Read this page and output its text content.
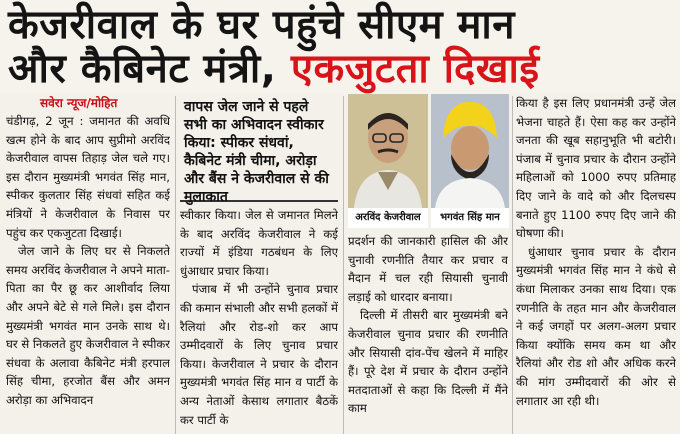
केजरीवाल के घर पहुंचे सीएम मान
और कैबिनेट मंत्री, एकजुटता दिखाई
सवेरा न्यूज/मोहित

चंडीगढ़, 2 जून : जमानत की अवधि खत्म होने के बाद आप सुप्रीमो अरविंद केजरीवाल वापस तिहाड़ जेल चले गए। इस दौरान मुख्यमंत्री भगवंत सिंह मान, स्पीकर कुलतार सिंह संधवां सहित कई मंत्रियों ने केजरीवाल के निवास पर पहुंच कर एकजुटता दिखाई।

जेल जाने के लिए घर से निकलते समय अरविंद केजरीवाल ने अपने माता-पिता का पैर छू कर आशीर्वाद लिया और अपने बेटे से गले मिले। इस दौरान मुख्यमंत्री भगवंत मान उनके साथ थे। घर से निकलते हुए केजरीवाल ने स्पीकर संधवा के अलावा कैबिनेट मंत्री हरपाल सिंह चीमा, हरजोत बैंस और अमन अरोड़ा का अभिवादन

वापस जेल जाने से पहले सभी का अभिवादन स्वीकार किया: स्पीकर संधवां, कैबिनेट मंत्री चीमा, अरोड़ा और बैंस ने केजरीवाल से की मुलाकात

स्वीकार किया। जेल से जमानत मिलने के बाद अरविंद केजरीवाल ने कई राज्यों में इंडिया गठबंधन के लिए धुंआधार प्रचार किया।

पंजाब में भी उन्होंने चुनाव प्रचार की कमान संभाली और सभी हलकों में रैलियां और रोड-शो कर आप उम्मीदवारों के लिए चुनाव प्रचार किया। केजरीवाल ने प्रचार के दौरान मुख्यमंत्री भगवंत सिंह मान व पार्टी के अन्य नेताओं केसाथ लगातार बैठकें कर पार्टी के

अरविंद केजरीवाल	भगवंत सिंह मान

प्रदर्शन की जानकारी हासिल की और चुनावी रणनीति तैयार कर प्रचार व मैदान में चल रही सियासी चुनावी लड़ाई को धारदार बनाया।

दिल्ली में तीसरी बार मुख्यमंत्री बने केजरीवाल चुनाव प्रचार की रणनीति और सियासी दांव-पेंच खेलने में माहिर हैं। पूरे देश में प्रचार के दौरान उन्होंने मतदाताओं से कहा कि दिल्ली में मैंने काम

किया है इस लिए प्रधानमंत्री उन्हें जेल भेजना चाहते हैं। ऐसा कह कर उन्होंने जनता की खूब सहानुभूति भी बटोरी। पंजाब में चुनाव प्रचार के दौरान उन्होंने महिलाओं को 1000 रुपए प्रतिमाह दिए जाने के वादे को और दिलचस्प बनाते हुए 1100 रुपए दिए जाने की घोषणा की।

धुंआधार चुनाव प्रचार के दौरान मुख्यमंत्री भगवंत सिंह मान ने कंधे से कंधा मिलाकर उनका साथ दिया। एक रणनीति के तहत मान और केजरीवाल ने कई जगहों पर अलग-अलग प्रचार किया क्योंकि समय कम था और रैलियां और रोड शो और अधिक करने की मांग उम्मीदवारों की ओर से लगातार आ रही थी।
